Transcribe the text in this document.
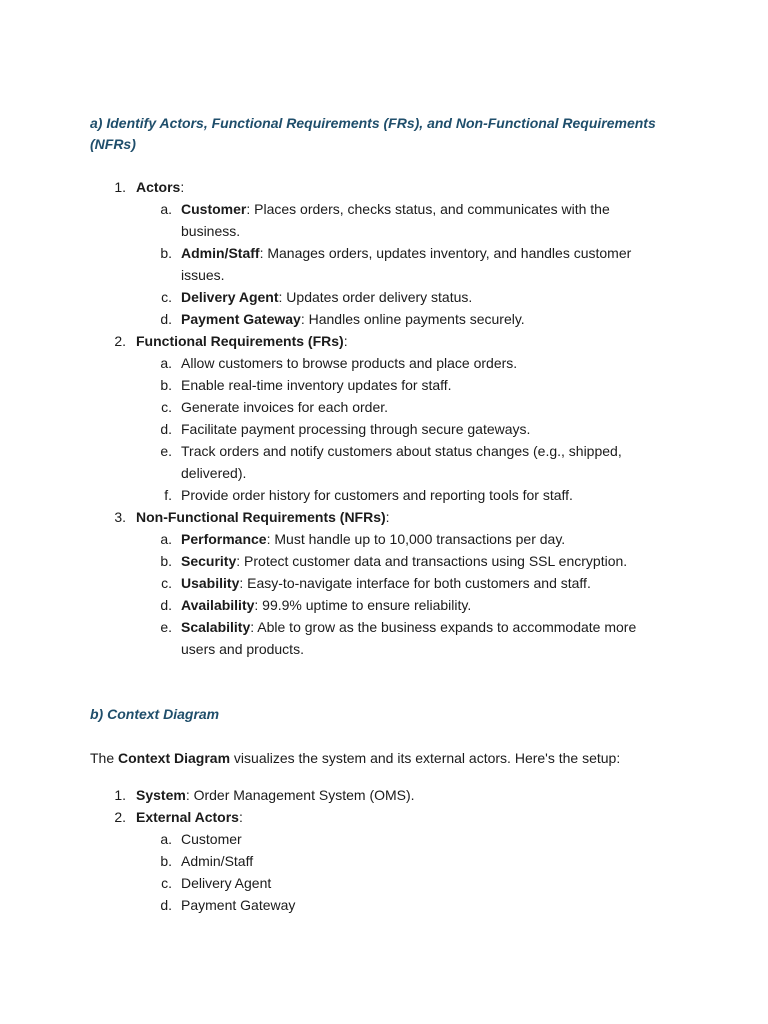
a) Identify Actors, Functional Requirements (FRs), and Non-Functional Requirements (NFRs)
1. Actors:
a. Customer: Places orders, checks status, and communicates with the business.
b. Admin/Staff: Manages orders, updates inventory, and handles customer issues.
c. Delivery Agent: Updates order delivery status.
d. Payment Gateway: Handles online payments securely.
2. Functional Requirements (FRs):
a. Allow customers to browse products and place orders.
b. Enable real-time inventory updates for staff.
c. Generate invoices for each order.
d. Facilitate payment processing through secure gateways.
e. Track orders and notify customers about status changes (e.g., shipped, delivered).
f. Provide order history for customers and reporting tools for staff.
3. Non-Functional Requirements (NFRs):
a. Performance: Must handle up to 10,000 transactions per day.
b. Security: Protect customer data and transactions using SSL encryption.
c. Usability: Easy-to-navigate interface for both customers and staff.
d. Availability: 99.9% uptime to ensure reliability.
e. Scalability: Able to grow as the business expands to accommodate more users and products.
b) Context Diagram

The Context Diagram visualizes the system and its external actors. Here's the setup:

1. System: Order Management System (OMS).
2. External Actors:
a. Customer
b. Admin/Staff
c. Delivery Agent
d. Payment Gateway
